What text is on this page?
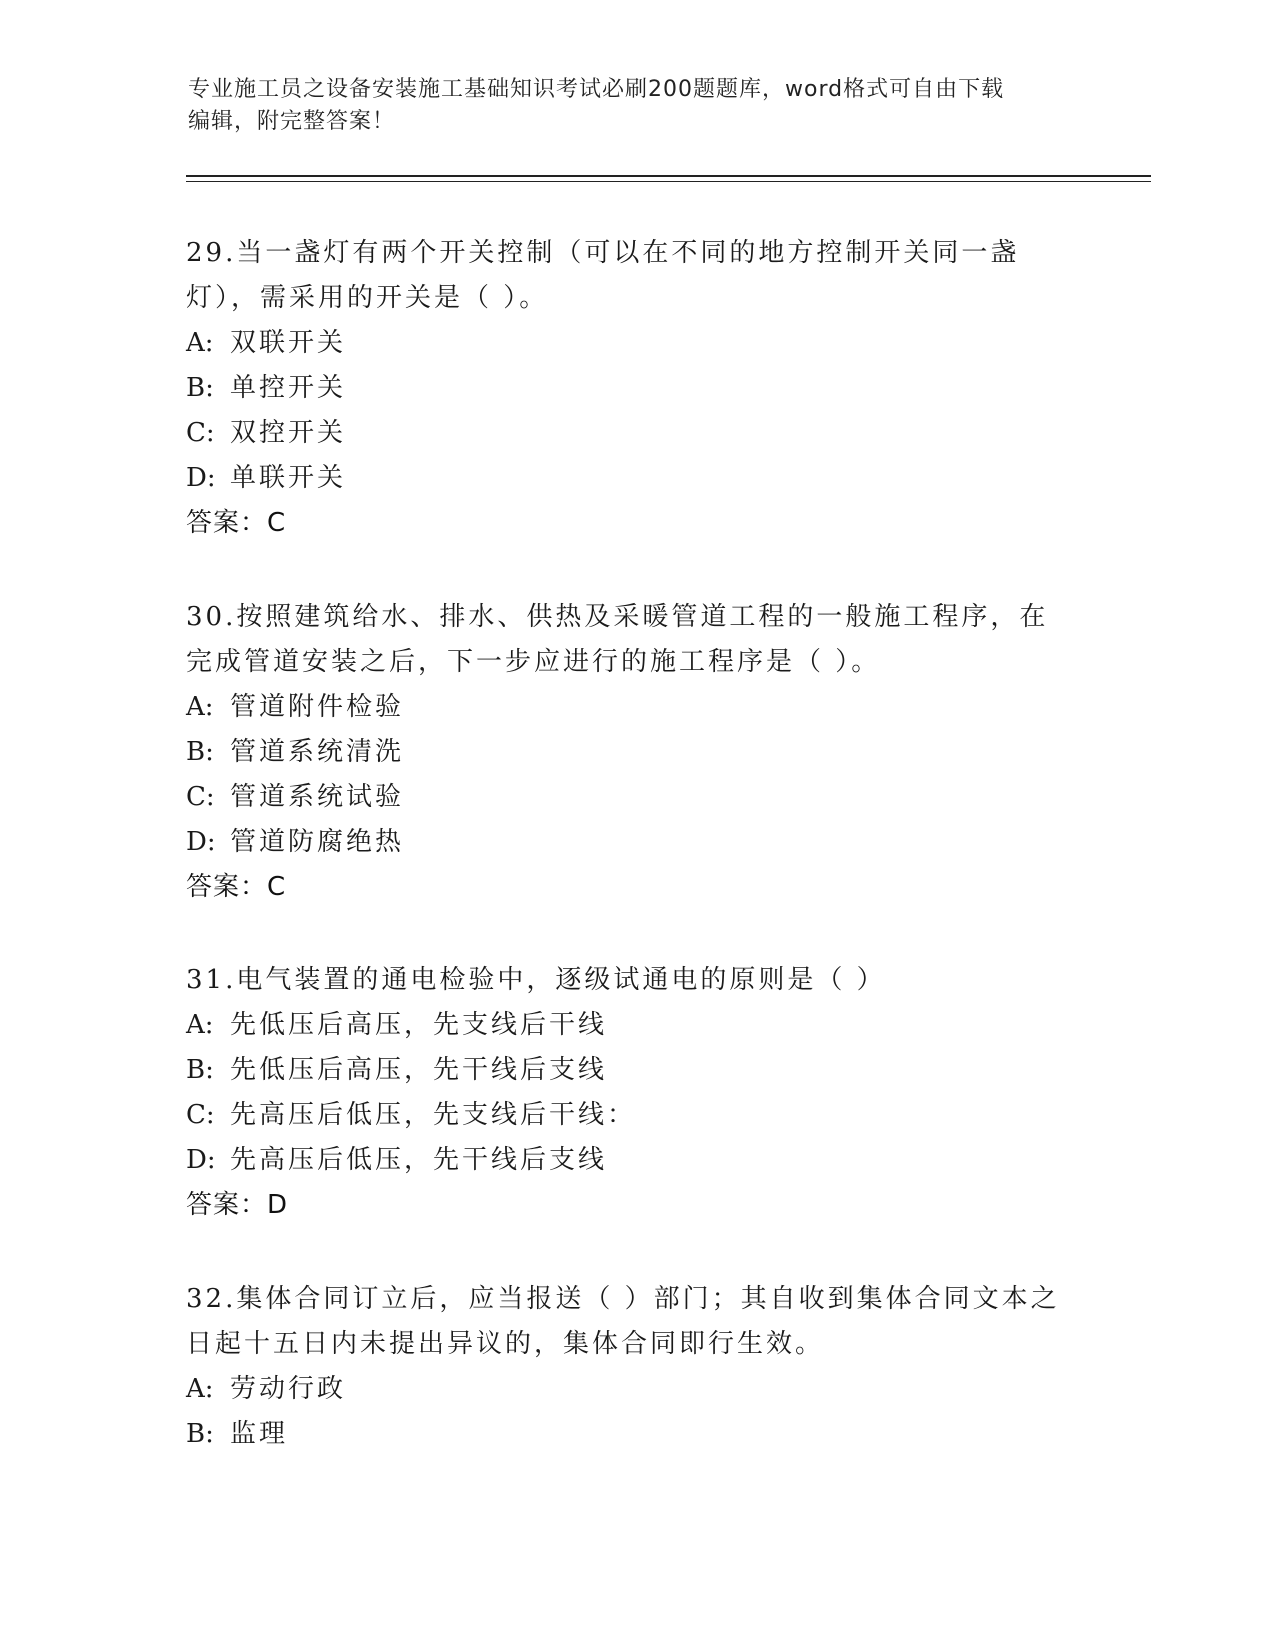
专业施工员之设备安装施工基础知识考试必刷200题题库，word格式可自由下载
编辑，附完整答案！

29.当一盏灯有两个开关控制（可以在不同的地方控制开关同一盏灯），需采用的开关是（ ）。

A: 双联开关
B: 单控开关
C: 双控开关
D: 单联开关
答案：C

30.按照建筑给水、排水、供热及采暖管道工程的一般施工程序，在完成管道安装之后，下一步应进行的施工程序是（ ）。

A: 管道附件检验
B: 管道系统清洗
C: 管道系统试验
D: 管道防腐绝热
答案：C

31.电气装置的通电检验中，逐级试通电的原则是（ ）

A: 先低压后高压，先支线后干线
B: 先低压后高压，先干线后支线
C: 先高压后低压，先支线后干线：
D: 先高压后低压，先干线后支线
答案：D

32.集体合同订立后，应当报送（ ）部门；其自收到集体合同文本之日起十五日内未提出异议的，集体合同即行生效。

A: 劳动行政
B: 监理
